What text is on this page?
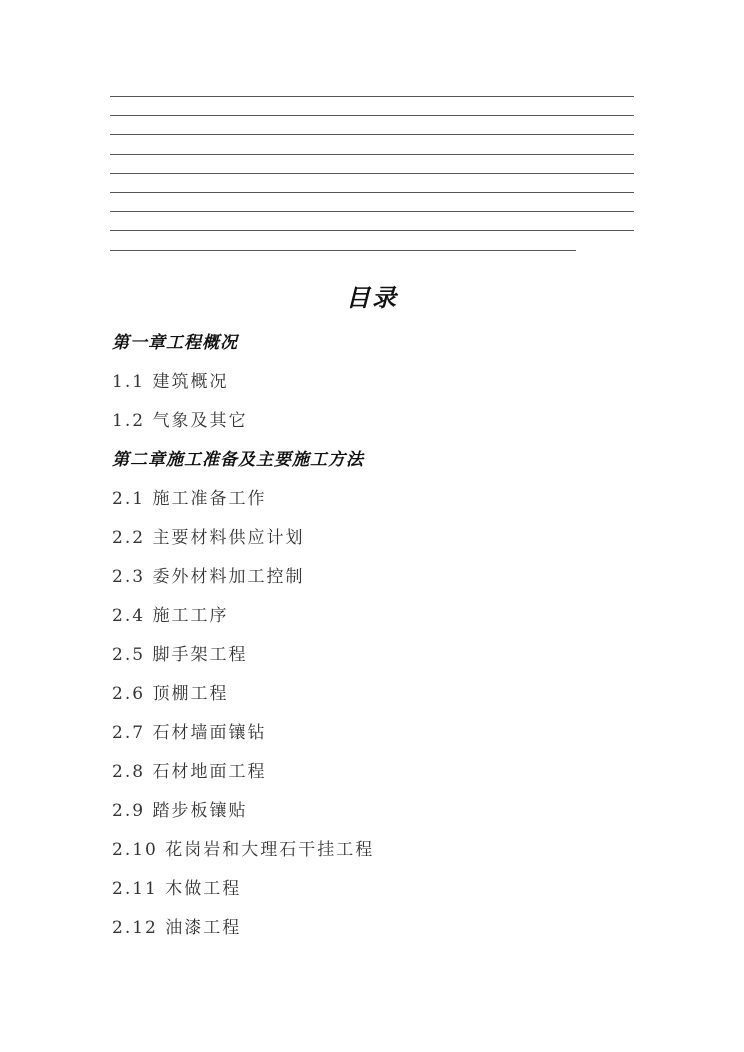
目录
第一章工程概况
1.1 建筑概况
1.2 气象及其它
第二章施工准备及主要施工方法
2.1 施工准备工作
2.2 主要材料供应计划
2.3 委外材料加工控制
2.4 施工工序
2.5 脚手架工程
2.6 顶棚工程
2.7 石材墙面镶钻
2.8 石材地面工程
2.9 踏步板镶贴
2.10 花岗岩和大理石干挂工程
2.11 木做工程
2.12 油漆工程
